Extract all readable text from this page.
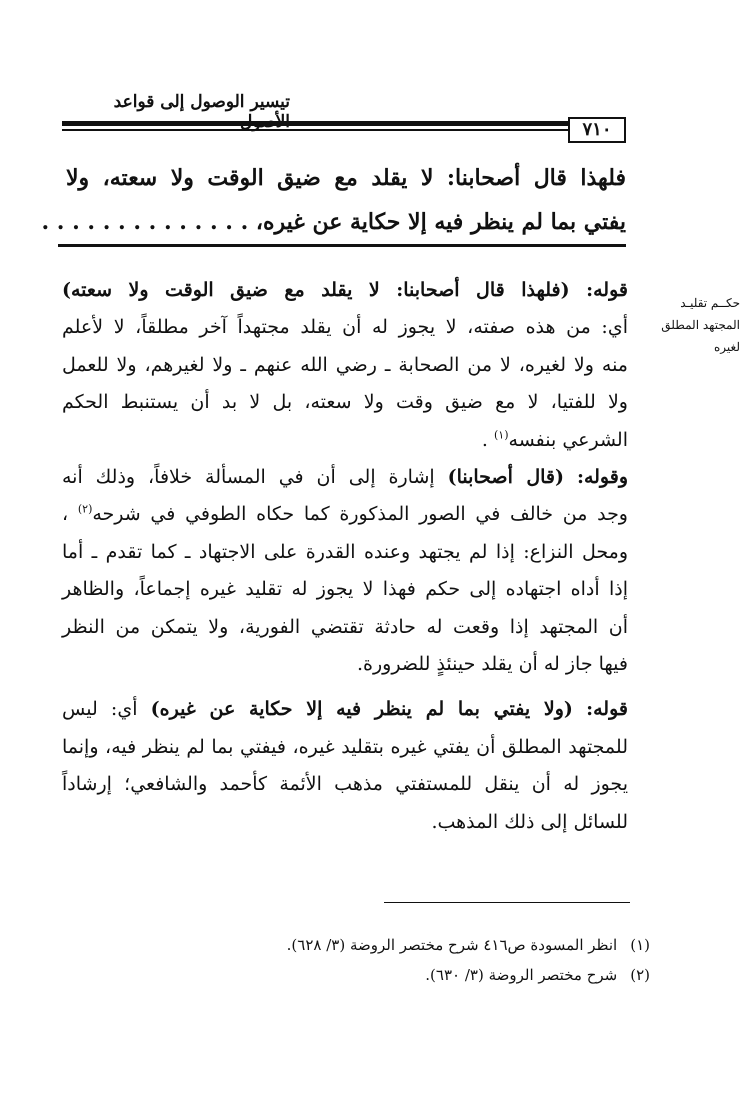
تيسير الوصول إلى قواعد
٧١٠
فلهذا قال أصحابنا: لا يقلد مع ضيق الوقت ولا سعته، ولا
يفتي بما لم ينظر فيه إلا حكاية عن غيره، . . . . . . . . . . . . . .
حكــم تقليـد
المجتهد المطلق
لغيره
قوله: (فلهذا قال أصحابنا: لا يقلد مع ضيق الوقت ولا سعته)
أي: من هذه صفته، لا يجوز له أن يقلد مجتهداً آخر مطلقاً، لا لأعلم
منه ولا لغيره، لا من الصحابة ـ رضي الله عنهم ـ ولا لغيرهم، ولا للعمل
ولا للفتيا، لا مع ضيق وقت ولا سعته، بل لا بد أن يستنبط الحكم
الشرعي بنفسه$^{(١)}$ .
وقوله: (قال أصحابنا) إشارة إلى أن في المسألة خلافاً، وذلك أنه
وجد من خالف في الصور المذكورة كما حكاه الطوفي في شرحه$^{(٢)}$ ،
ومحل النزاع: إذا لم يجتهد وعنده القدرة على الاجتهاد ـ كما تقدم ـ أما
إذا أداه اجتهاده إلى حكم فهذا لا يجوز له تقليد غيره إجماعاً، والظاهر
أن المجتهد إذا وقعت له حادثة تقتضي الفورية، ولا يتمكن من النظر
فيها جاز له أن يقلد حينئذٍ للضرورة.
قوله: (ولا يفتي بما لم ينظر فيه إلا حكاية عن غيره) أي: ليس
للمجتهد المطلق أن يفتي غيره بتقليد غيره، فيفتي بما لم ينظر فيه، وإنما
يجوز له أن ينقل للمستفتي مذهب الأئمة كأحمد والشافعي؛ إرشاداً
للسائل إلى ذلك المذهب.
(١) انظر المسودة ص٤١٦ شرح مختصر الروضة (٣/ ٦٢٨).
(٢) شرح مختصر الروضة (٣/ ٦٣٠).
